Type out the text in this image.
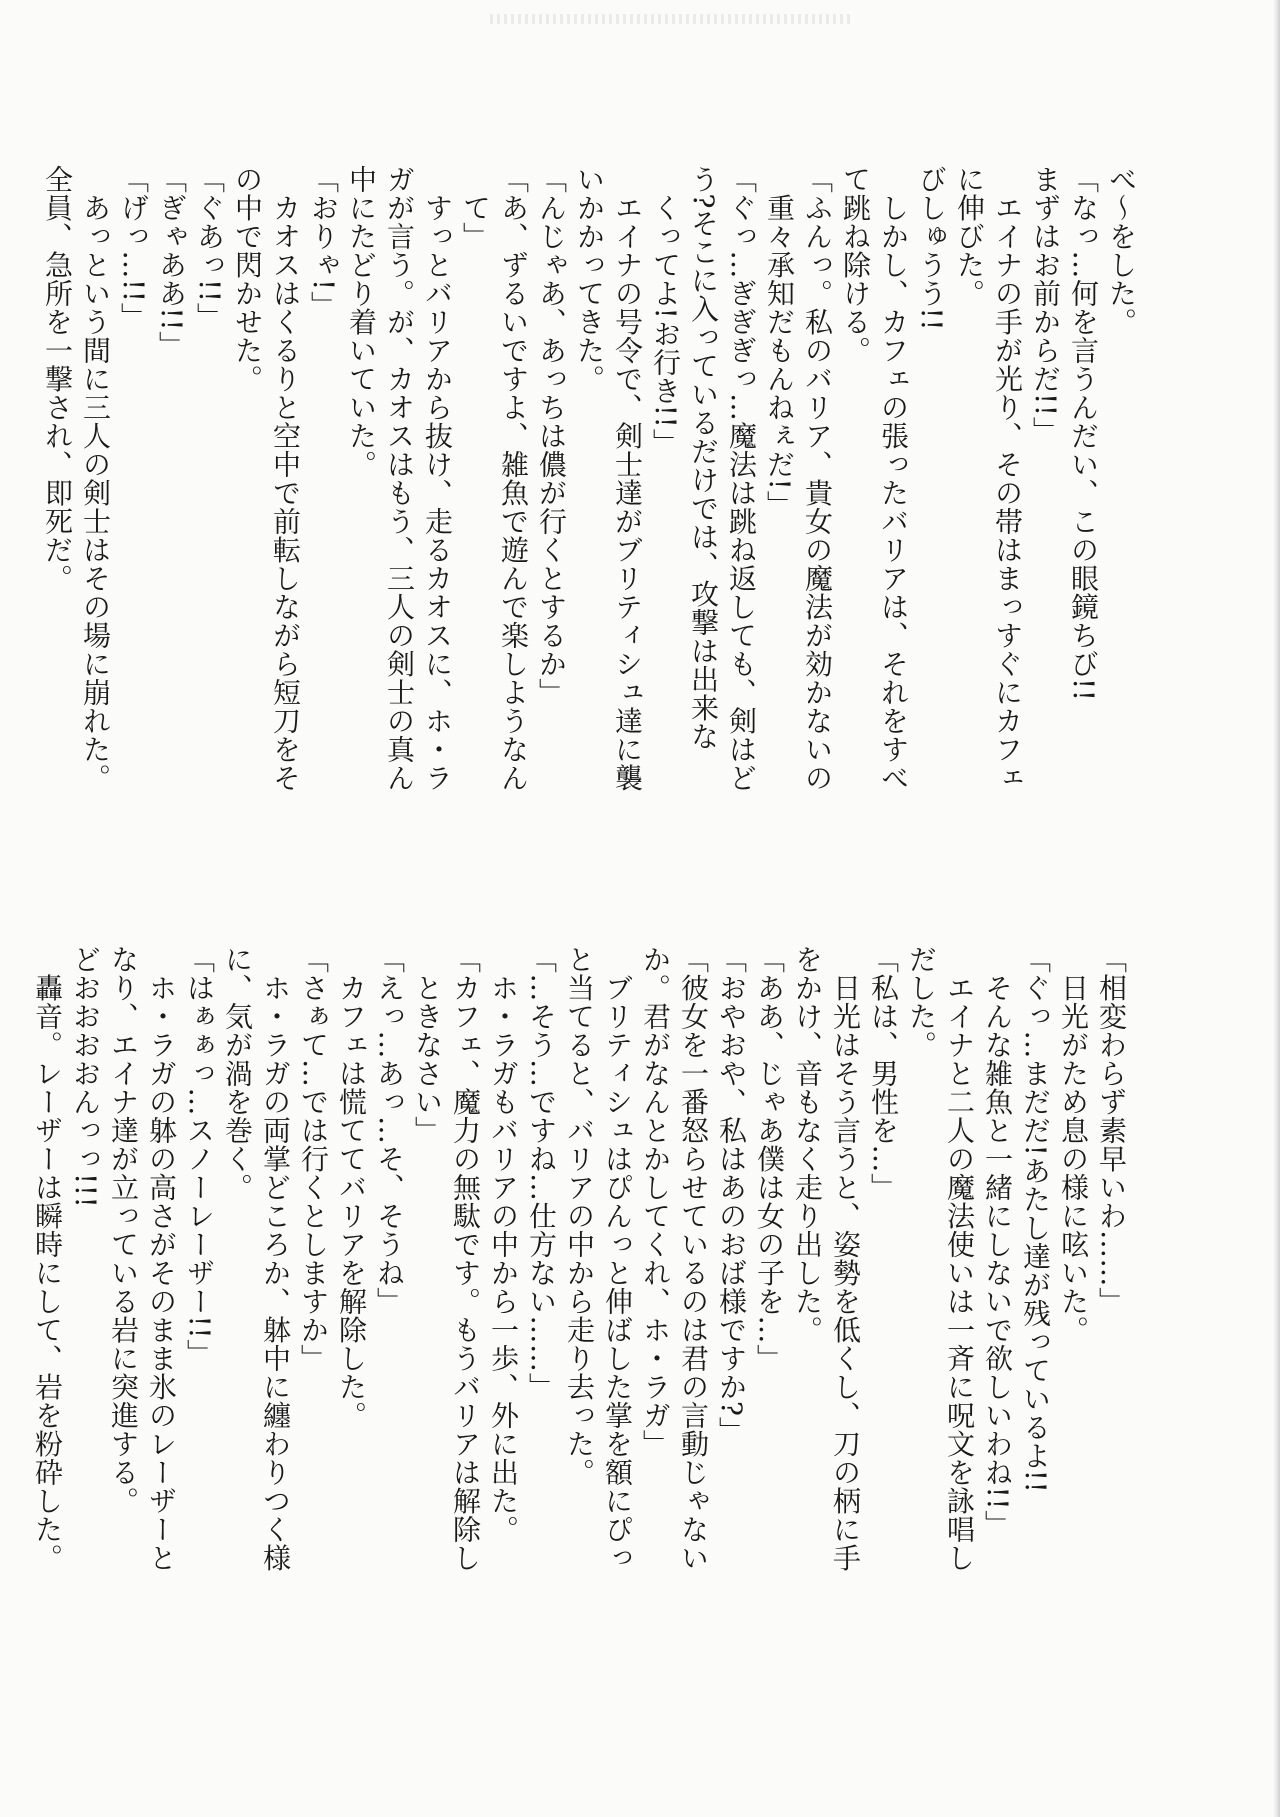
べ～をした。
「なっ…何を言うんだい、この眼鏡ちび!!
まずはお前からだ!!」
　エイナの手が光り、その帯はまっすぐにカフェ
に伸びた。
びしゅうう!!
　しかし、カフェの張ったバリアは、それをすべ
て跳ね除ける。
「ふんっ。私のバリア、貴女の魔法が効かないの
　重々承知だもんねぇだ!」
「ぐっ…ぎぎぎっ…魔法は跳ね返しても、剣はど
う?そこに入っているだけでは、攻撃は出来な
　くってよ!お行き!!」
　エイナの号令で、剣士達がブリティシュ達に襲
いかかってきた。
「んじゃあ、あっちは儂が行くとするか」
「あ、ずるいですよ、雑魚で遊んで楽しようなん
　て」
　すっとバリアから抜け、走るカオスに、ホ・ラ
ガが言う。が、カオスはもう、三人の剣士の真ん
中にたどり着いていた。
「おりゃ!」
　カオスはくるりと空中で前転しながら短刀をそ
の中で閃かせた。
「ぐあっ!!」
「ぎゃああ!!」
「げっ…!!」
　あっという間に三人の剣士はその場に崩れた。
全員、急所を一撃され、即死だ。
「相変わらず素早いわ……」
　日光がため息の様に呟いた。
「ぐっ…まだだ!あたし達が残っているよ!!
　そんな雑魚と一緒にしないで欲しいわね!!」
　エイナと二人の魔法使いは一斉に呪文を詠唱し
だした。
「私は、男性を…」
　日光はそう言うと、姿勢を低くし、刀の柄に手
をかけ、音もなく走り出した。
「ああ、じゃあ僕は女の子を…」
「おやおや、私はあのおば様ですか?」
「彼女を一番怒らせているのは君の言動じゃない
か。君がなんとかしてくれ、ホ・ラガ」
　ブリティシュはぴんっと伸ばした掌を額にぴっ
と当てると、バリアの中から走り去った。
「…そう…ですね…仕方ない……」
　ホ・ラガもバリアの中から一歩、外に出た。
「カフェ、魔力の無駄です。もうバリアは解除し
　ときなさい」
「えっ…あっ…そ、そうね」
　カフェは慌ててバリアを解除した。
「さぁて…では行くとしますか」
　ホ・ラガの両掌どころか、躰中に纏わりつく様
に、気が渦を巻く。
「はぁぁっ…スノーレーザー!!」
　ホ・ラガの躰の高さがそのまま氷のレーザーと
なり、エイナ達が立っている岩に突進する。
どおおおおんっっ!!!
　轟音。レーザーは瞬時にして、岩を粉砕した。
